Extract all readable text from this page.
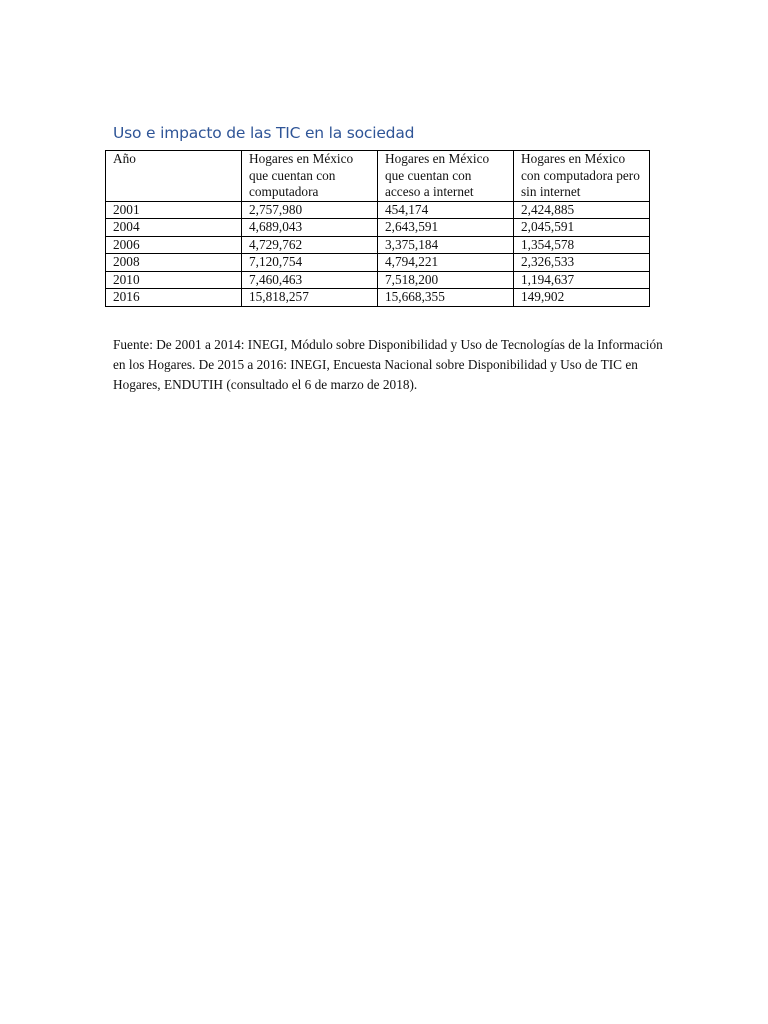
Uso e impacto de las TIC en la sociedad
Año	Hogares en México que cuentan con computadora	Hogares en México que cuentan con acceso a internet	Hogares en México con computadora pero sin internet
2001	2,757,980	454,174	2,424,885
2004	4,689,043	2,643,591	2,045,591
2006	4,729,762	3,375,184	1,354,578
2008	7,120,754	4,794,221	2,326,533
2010	7,460,463	7,518,200	1,194,637
2016	15,818,257	15,668,355	149,902

Fuente: De 2001 a 2014: INEGI, Módulo sobre Disponibilidad y Uso de Tecnologías de la Información en los Hogares. De 2015 a 2016: INEGI, Encuesta Nacional sobre Disponibilidad y Uso de TIC en Hogares, ENDUTIH (consultado el 6 de marzo de 2018).
